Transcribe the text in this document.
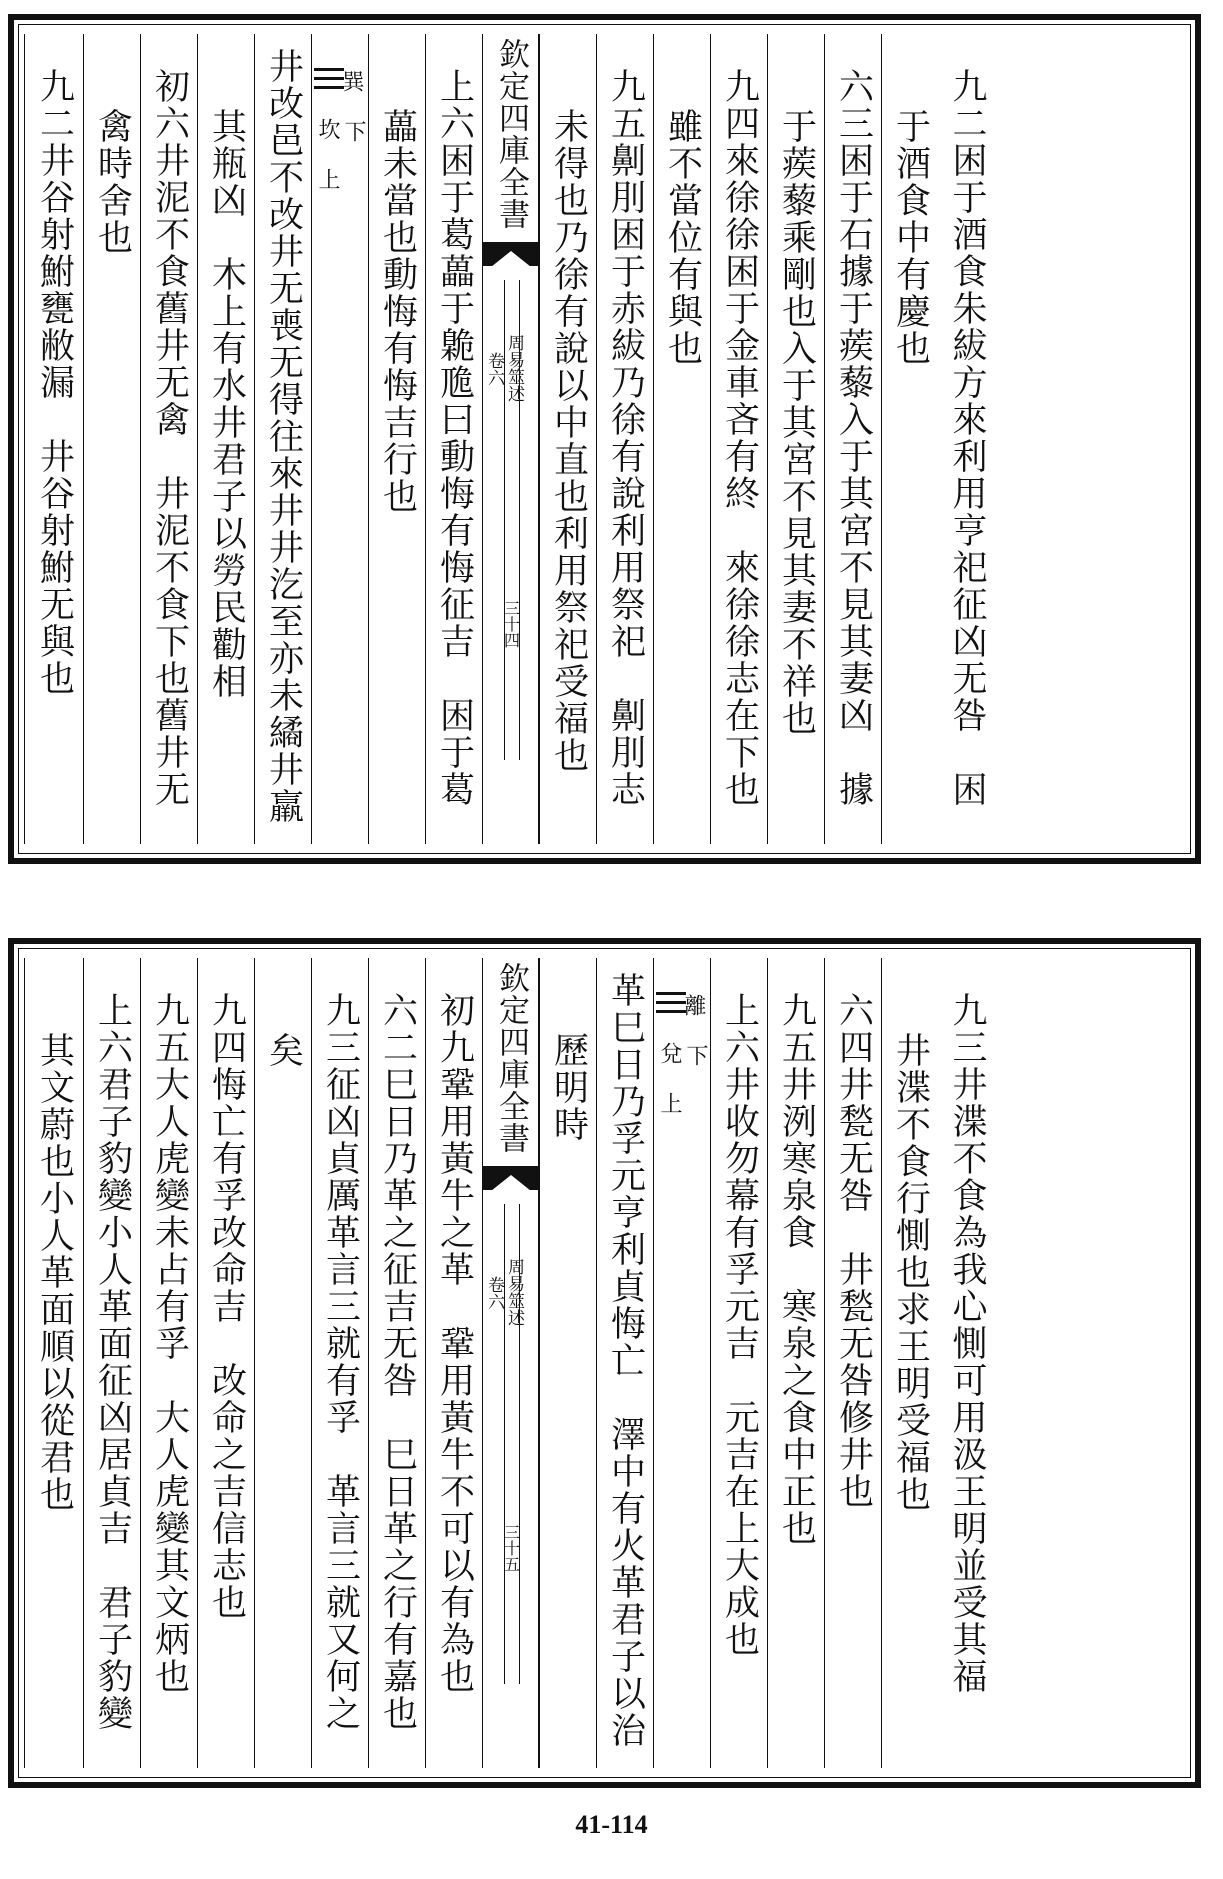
九二困于酒食朱紱方來利用亨祀征凶无咎　困
于酒食中有慶也
六三困于石據于蒺藜入于其宮不見其妻凶　據
于蒺藜乘剛也入于其宮不見其妻不祥也
九四來徐徐困于金車吝有終　來徐徐志在下也
雖不當位有與也
九五劓刖困于赤紱乃徐有說利用祭祀　劓刖志
未得也乃徐有說以中直也利用祭祀受福也
欽定四庫全書
周易筮述
卷六
三十四
上六困于葛藟于臲卼曰動悔有悔征吉　困于葛
藟未當也動悔有悔吉行也
巽
坎 下
上
井改邑不改井无喪无得往來井井汔至亦未繘井羸
其瓶凶　木上有水井君子以勞民勸相
初六井泥不食舊井无禽　井泥不食下也舊井无
禽時舍也
九二井谷射鮒甕敝漏　井谷射鮒无與也
九三井渫不食為我心惻可用汲王明並受其福
井渫不食行惻也求王明受福也
六四井甃无咎　井甃无咎修井也
九五井洌寒泉食　寒泉之食中正也
上六井收勿幕有孚元吉　元吉在上大成也
離
兌 下
上
革巳日乃孚元亨利貞悔亡　澤中有火革君子以治
歷明時
欽定四庫全書
周易筮述
卷六
三十五
初九鞏用黃牛之革　鞏用黃牛不可以有為也
六二巳日乃革之征吉无咎　巳日革之行有嘉也
九三征凶貞厲革言三就有孚　革言三就又何之
矣
九四悔亡有孚改命吉　改命之吉信志也
九五大人虎變未占有孚　大人虎變其文炳也
上六君子豹變小人革面征凶居貞吉　君子豹變
其文蔚也小人革面順以從君也
41-114
